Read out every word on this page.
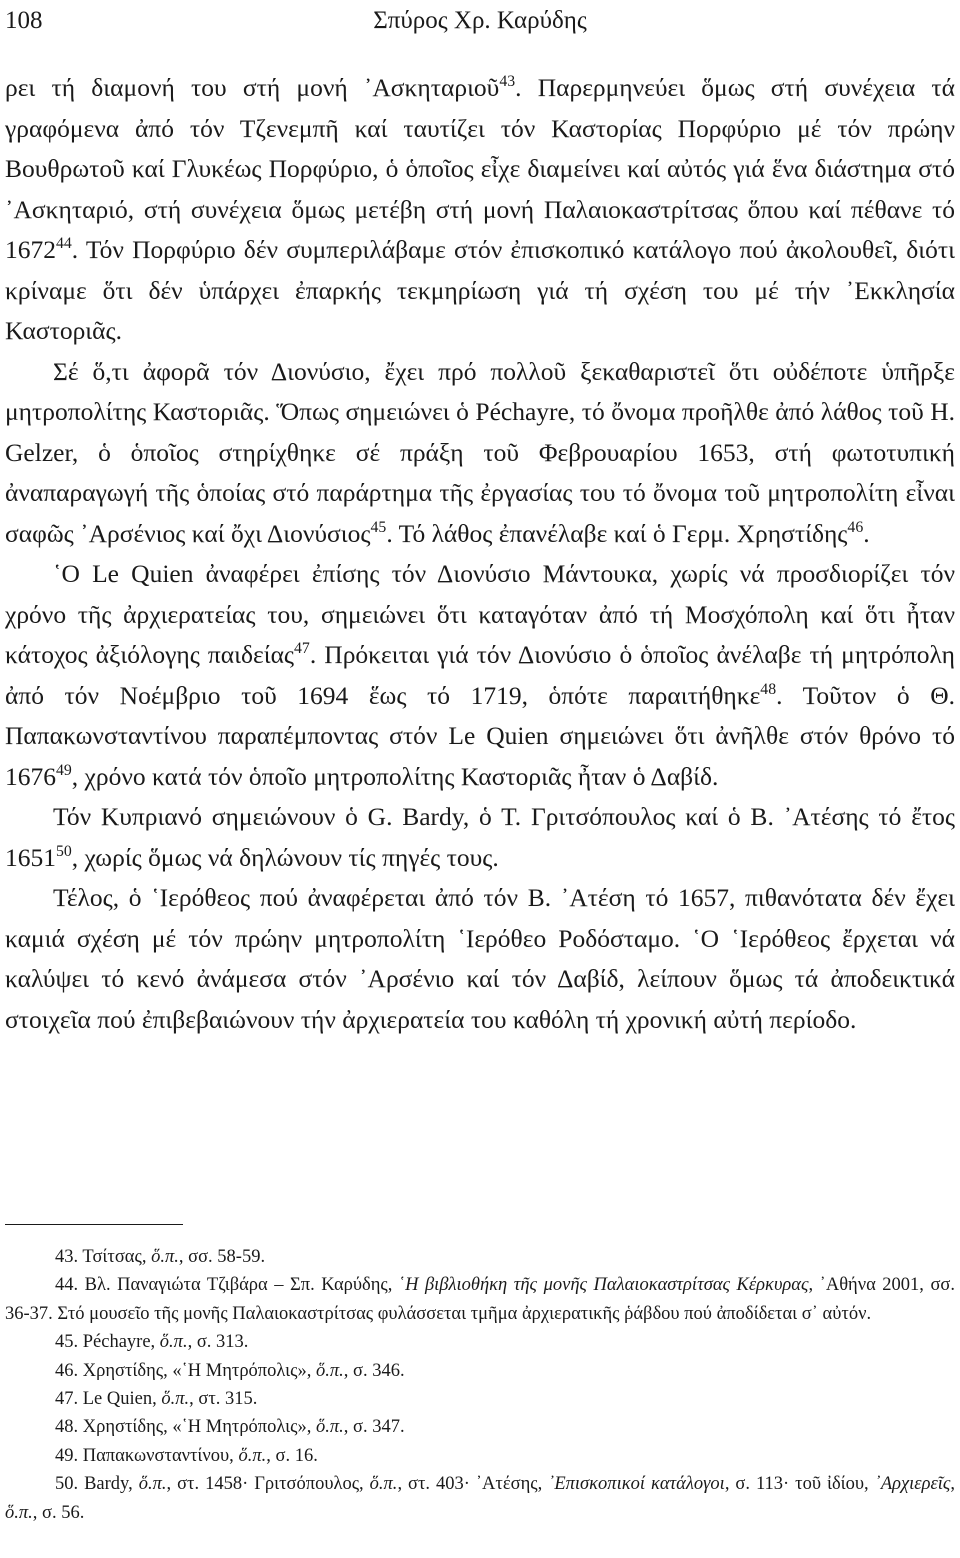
108	Σπύρος Χρ. Καρύδης

ρει τή διαμονή του στή μονή ᾿Ασκηταριοῦ$^{43}$. Παρερμηνεύει ὅμως στή συνέχεια τά γραφόμενα ἀπό τόν Τζενεμπῆ καί ταυτίζει τόν Καστορίας Πορφύριο μέ τόν πρώην Βουθρωτοῦ καί Γλυκέως Πορφύριο, ὁ ὁποῖος εἶχε διαμείνει καί αὐτός γιά ἕνα διάστημα στό ᾿Ασκηταριό, στή συνέχεια ὅμως μετέβη στή μονή Παλαιοκαστρίτσας ὅπου καί πέθανε τό 1672$^{44}$. Τόν Πορφύριο δέν συμπεριλάβαμε στόν ἐπισκοπικό κατάλογο πού ἀκολουθεῖ, διότι κρίναμε ὅτι δέν ὑπάρχει ἐπαρκής τεκμηρίωση γιά τή σχέση του μέ τήν ᾿Εκκλησία Καστοριᾶς.

Σέ ὅ,τι ἀφορᾶ τόν Διονύσιο, ἔχει πρό πολλοῦ ξεκαθαριστεῖ ὅτι οὐδέποτε ὑπῆρξε μητροπολίτης Καστοριᾶς. Ὅπως σημειώνει ὁ Péchayre, τό ὄνομα προῆλθε ἀπό λάθος τοῦ H. Gelzer, ὁ ὁποῖος στηρίχθηκε σέ πράξη τοῦ Φεβρουαρίου 1653, στή φωτοτυπική ἀναπαραγωγή τῆς ὁποίας στό παράρτημα τῆς ἐργασίας του τό ὄνομα τοῦ μητροπολίτη εἶναι σαφῶς ᾿Αρσένιος καί ὄχι Διονύσιος$^{45}$. Τό λάθος ἐπανέλαβε καί ὁ Γερμ. Χρηστίδης$^{46}$.

῾Ο Le Quien ἀναφέρει ἐπίσης τόν Διονύσιο Μάντουκα, χωρίς νά προσδιορίζει τόν χρόνο τῆς ἀρχιερατείας του, σημειώνει ὅτι καταγόταν ἀπό τή Μοσχόπολη καί ὅτι ἦταν κάτοχος ἀξιόλογης παιδείας$^{47}$. Πρόκειται γιά τόν Διονύσιο ὁ ὁποῖος ἀνέλαβε τή μητρόπολη ἀπό τόν Νοέμβριο τοῦ 1694 ἕως τό 1719, ὁπότε παραιτήθηκε$^{48}$. Τοῦτον ὁ Θ. Παπακωνσταντίνου παραπέμποντας στόν Le Quien σημειώνει ὅτι ἀνῆλθε στόν θρόνο τό 1676$^{49}$, χρόνο κατά τόν ὁποῖο μητροπολίτης Καστοριᾶς ἦταν ὁ Δαβίδ.

Τόν Κυπριανό σημειώνουν ὁ G. Bardy, ὁ Τ. Γριτσόπουλος καί ὁ Β. ᾿Ατέσης τό ἔτος 1651$^{50}$, χωρίς ὅμως νά δηλώνουν τίς πηγές τους.

Τέλος, ὁ ῾Ιερόθεος πού ἀναφέρεται ἀπό τόν Β. ᾿Ατέση τό 1657, πιθανότατα δέν ἔχει καμιά σχέση μέ τόν πρώην μητροπολίτη ῾Ιερόθεο Ροδόσταμο. ῾Ο ῾Ιερόθεος ἔρχεται νά καλύψει τό κενό ἀνάμεσα στόν ᾿Αρσένιο καί τόν Δαβίδ, λείπουν ὅμως τά ἀποδεικτικά στοιχεῖα πού ἐπιβεβαιώνουν τήν ἀρχιερατεία του καθόλη τή χρονική αὐτή περίοδο.

43. Τσίτσας, ὅ.π., σσ. 58-59.

44. Βλ. Παναγιώτα Τζιβάρα – Σπ. Καρύδης, ῾Η βιβλιοθήκη τῆς μονῆς Παλαιοκαστρίτσας Κέρκυρας, ᾿Αθήνα 2001, σσ. 36-37. Στό μουσεῖο τῆς μονῆς Παλαιοκαστρίτσας φυλάσσεται τμῆμα ἀρχιερατικῆς ῥάβδου πού ἀποδίδεται σ᾿ αὐτόν.

45. Péchayre, ὅ.π., σ. 313.

46. Χρηστίδης, «῾Η Μητρόπολις», ὅ.π., σ. 346.

47. Le Quien, ὅ.π., στ. 315.

48. Χρηστίδης, «῾Η Μητρόπολις», ὅ.π., σ. 347.

49. Παπακωνσταντίνου, ὅ.π., σ. 16.

50. Bardy, ὅ.π., στ. 1458· Γριτσόπουλος, ὅ.π., στ. 403· ᾿Ατέσης, ᾿Επισκοπικοί κατάλογοι, σ. 113· τοῦ ἰδίου, ᾿Αρχιερεῖς, ὅ.π., σ. 56.
